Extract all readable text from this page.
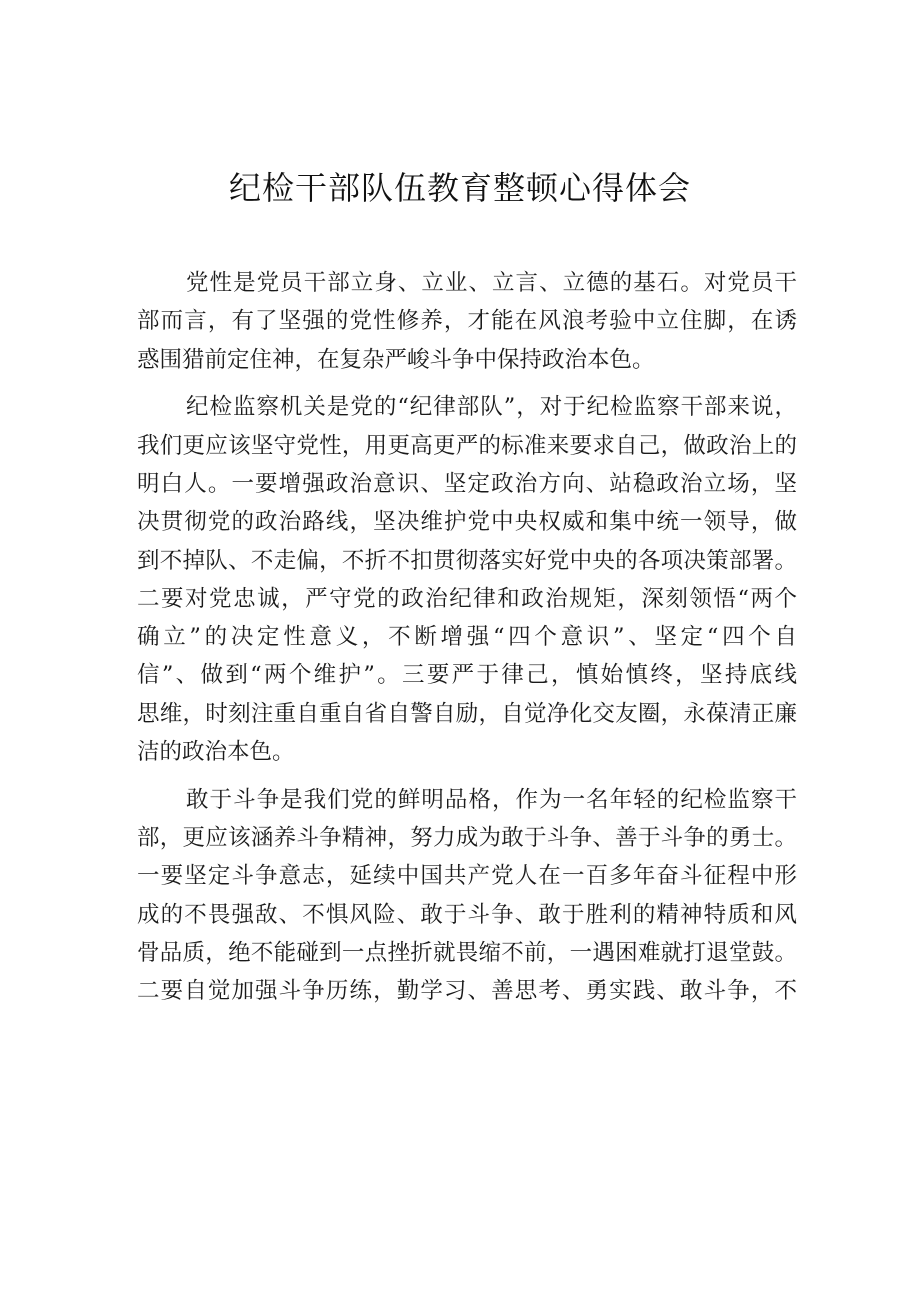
纪检干部队伍教育整顿心得体会
党性是党员干部立身、立业、立言、立德的基石。对党员干
部而言，有了坚强的党性修养，才能在风浪考验中立住脚，在诱
惑围猎前定住神，在复杂严峻斗争中保持政治本色。
纪检监察机关是党的“纪律部队”，对于纪检监察干部来说，
我们更应该坚守党性，用更高更严的标准来要求自己，做政治上的
明白人。一要增强政治意识、坚定政治方向、站稳政治立场，坚
决贯彻党的政治路线，坚决维护党中央权威和集中统一领导，做
到不掉队、不走偏，不折不扣贯彻落实好党中央的各项决策部署。
二要对党忠诚，严守党的政治纪律和政治规矩，深刻领悟“两个
确立”的决定性意义，不断增强“四个意识”、坚定“四个自
信”、做到“两个维护”。三要严于律己，慎始慎终，坚持底线
思维，时刻注重自重自省自警自励，自觉净化交友圈，永葆清正廉
洁的政治本色。
敢于斗争是我们党的鲜明品格，作为一名年轻的纪检监察干
部，更应该涵养斗争精神，努力成为敢于斗争、善于斗争的勇士。
一要坚定斗争意志，延续中国共产党人在一百多年奋斗征程中形
成的不畏强敌、不惧风险、敢于斗争、敢于胜利的精神特质和风
骨品质，绝不能碰到一点挫折就畏缩不前，一遇困难就打退堂鼓。
二要自觉加强斗争历练，勤学习、善思考、勇实践、敢斗争，不
